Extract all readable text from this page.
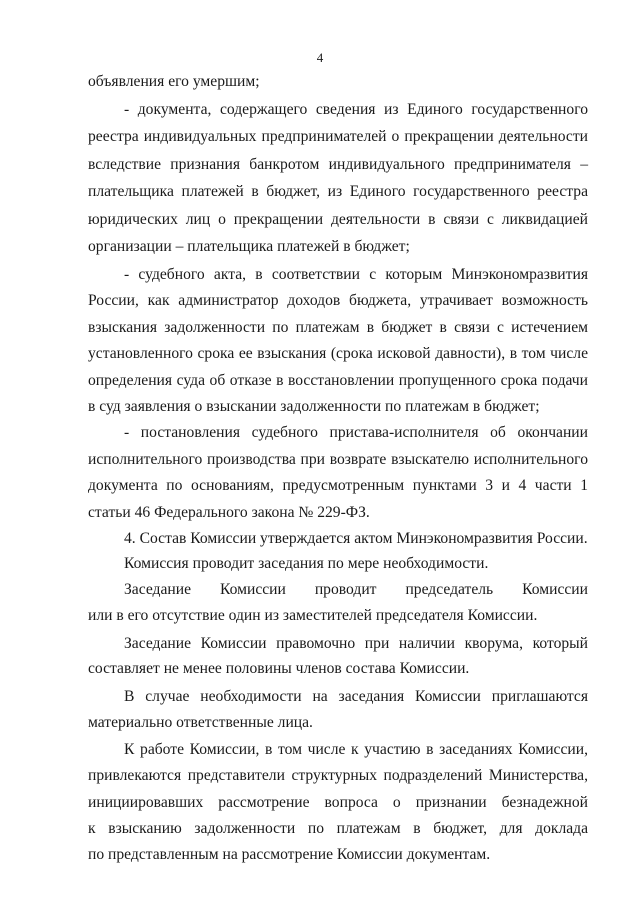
4
объявления его умершим;
- документа, содержащего сведения из Единого государственного
реестра индивидуальных предпринимателей о прекращении деятельности
вследствие признания банкротом индивидуального предпринимателя –
плательщика платежей в бюджет, из Единого государственного реестра
юридических лиц о прекращении деятельности в связи с ликвидацией
организации – плательщика платежей в бюджет;
- судебного акта, в соответствии с которым Минэкономразвития
России, как администратор доходов бюджета, утрачивает возможность
взыскания задолженности по платежам в бюджет в связи с истечением
установленного срока ее взыскания (срока исковой давности), в том числе
определения суда об отказе в восстановлении пропущенного срока подачи
в суд заявления о взыскании задолженности по платежам в бюджет;
- постановления судебного пристава-исполнителя об окончании
исполнительного производства при возврате взыскателю исполнительного
документа по основаниям, предусмотренным пунктами 3 и 4 части 1
статьи 46 Федерального закона № 229-ФЗ.
4. Состав Комиссии утверждается актом Минэкономразвития России.
Комиссия проводит заседания по мере необходимости.
Заседание Комиссии проводит председатель Комиссии
или в его отсутствие один из заместителей председателя Комиссии.
Заседание Комиссии правомочно при наличии кворума, который
составляет не менее половины членов состава Комиссии.
В случае необходимости на заседания Комиссии приглашаются
материально ответственные лица.
К работе Комиссии, в том числе к участию в заседаниях Комиссии,
привлекаются представители структурных подразделений Министерства,
инициировавших рассмотрение вопроса о признании безнадежной
к взысканию задолженности по платежам в бюджет, для доклада
по представленным на рассмотрение Комиссии документам.
